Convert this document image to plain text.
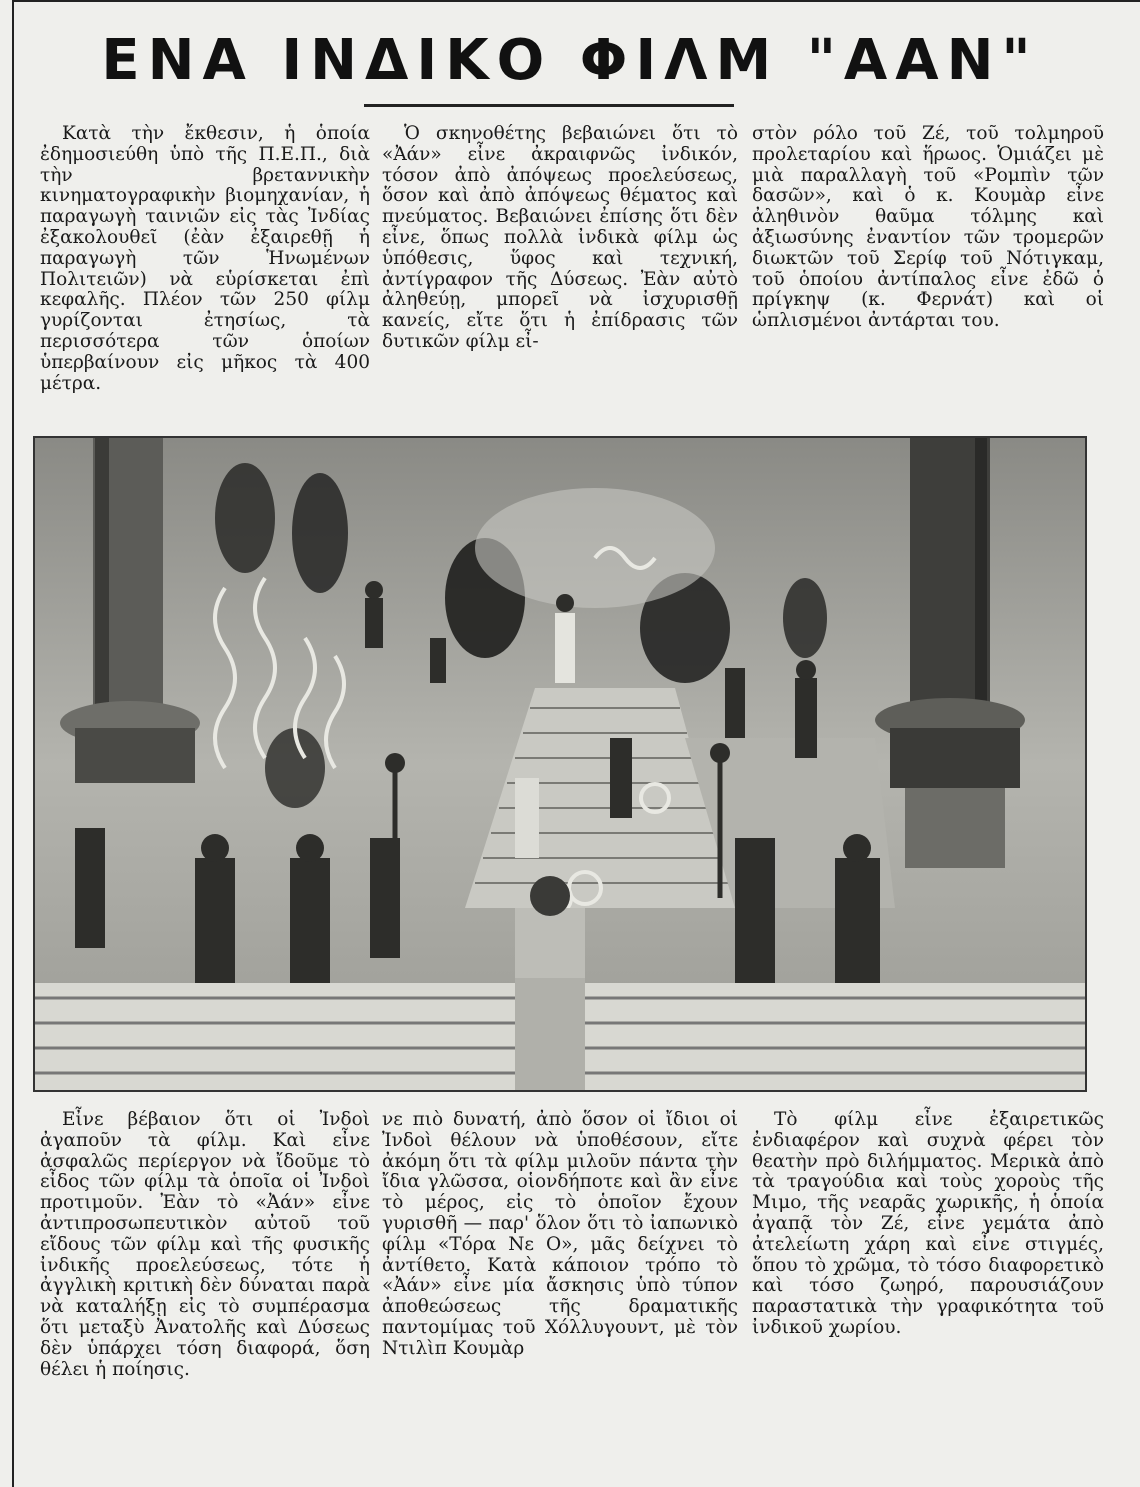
ΕΝΑ ΙΝΔΙΚΟ ΦΙΛΜ "ΑΑΝ"

Κατὰ τὴν ἔκθεσιν, ἡ ὁποία ἐδημοσιεύθη ὑπὸ τῆς Π.Ε.Π., διὰ τὴν βρεταννικὴν κινηματογραφικὴν βιομηχανίαν, ἡ παραγωγὴ ταινιῶν εἰς τὰς Ἰνδίας ἐξακολουθεῖ (ἐὰν ἐξαιρεθῇ ἡ παραγωγὴ τῶν Ἡνωμένων Πολιτειῶν) νὰ εὑρίσκεται ἐπὶ κεφαλῆς. Πλέον τῶν 250 φίλμ γυρίζονται ἐτησίως, τὰ περισσότερα τῶν ὁποίων ὑπερβαίνουν εἰς μῆκος τὰ 400 μέτρα.

Ὁ σκηνοθέτης βεβαιώνει ὅτι τὸ «Ἀάν» εἶνε ἀκραιφνῶς ἰνδικόν, τόσον ἀπὸ ἀπόψεως προελεύσεως, ὅσον καὶ ἀπὸ ἀπόψεως θέματος καὶ πνεύματος. Βεβαιώνει ἐπίσης ὅτι δὲν εἶνε, ὅπως πολλὰ ἰνδικὰ φίλμ ὡς ὑπόθεσις, ὕφος καὶ τεχνική, ἀντίγραφον τῆς Δύσεως. Ἐὰν αὐτὸ ἀληθεύῃ, μπορεῖ νὰ ἰσχυρισθῇ κανείς, εἴτε ὅτι ἡ ἐπίδρασις τῶν δυτικῶν φίλμ εἶ-

στὸν ρόλο τοῦ Ζέ, τοῦ τολμηροῦ προλεταρίου καὶ ἥρωος. Ὁμιάζει μὲ μιὰ παραλλαγὴ τοῦ «Ρομπὶν τῶν δασῶν», καὶ ὁ κ. Κουμὰρ εἶνε ἀληθινὸν θαῦμα τόλμης καὶ ἀξιωσύνης ἐναντίον τῶν τρομερῶν διωκτῶν τοῦ Σερίφ τοῦ Νότιγκαμ, τοῦ ὁποίου ἀντίπαλος εἶνε ἐδῶ ὁ πρίγκηψ (κ. Φερνάτ) καὶ οἱ ὡπλισμένοι ἀντάρται του.

Εἶνε βέβαιον ὅτι οἱ Ἰνδοὶ ἀγαποῦν τὰ φίλμ. Καὶ εἶνε ἀσφαλῶς περίεργον νὰ ἴδοῦμε τὸ εἶδος τῶν φίλμ τὰ ὁποῖα οἱ Ἰνδοὶ προτιμοῦν. Ἐὰν τὸ «Ἀάν» εἶνε ἀντιπροσωπευτικὸν αὐτοῦ τοῦ εἴδους τῶν φίλμ καὶ τῆς φυσικῆς ἰνδικῆς προελεύσεως, τότε ἡ ἀγγλικὴ κριτικὴ δὲν δύναται παρὰ νὰ καταλήξῃ εἰς τὸ συμπέρασμα ὅτι μεταξὺ Ἀνατολῆς καὶ Δύσεως δὲν ὑπάρχει τόση διαφορά, ὅση θέλει ἡ ποίησις.

νε πιὸ δυνατή, ἀπὸ ὅσον οἱ ἴδιοι οἱ Ἰνδοὶ θέλουν νὰ ὑποθέσουν, εἴτε ἀκόμη ὅτι τὰ φίλμ μιλοῦν πάντα τὴν ἴδια γλῶσσα, οἱονδήποτε καὶ ἂν εἶνε τὸ μέρος, εἰς τὸ ὁποῖον ἔχουν γυρισθῆ — παρ' ὅλον ὅτι τὸ ἰαπωνικὸ φίλμ «Τόρα Νε Ο», μᾶς δείχνει τὸ ἀντίθετο. Κατὰ κάποιον τρόπο τὸ «Ἀάν» εἶνε μία ἄσκησις ὑπὸ τύπον ἀποθεώσεως τῆς δραματικῆς παντομίμας τοῦ Χόλλυγουντ, μὲ τὸν Ντιλὶπ Κουμὰρ

Τὸ φίλμ εἶνε ἐξαιρετικῶς ἐνδιαφέρον καὶ συχνὰ φέρει τὸν θεατὴν πρὸ διλήμματος. Μερικὰ ἀπὸ τὰ τραγούδια καὶ τοὺς χοροὺς τῆς Μιμο, τῆς νεαρᾶς χωρικῆς, ἡ ὁποία ἀγαπᾷ τὸν Ζέ, εἶνε γεμάτα ἀπὸ ἀτελείωτη χάρη καὶ εἶνε στιγμές, ὅπου τὸ χρῶμα, τὸ τόσο διαφορετικὸ καὶ τόσο ζωηρό, παρουσιάζουν παραστατικὰ τὴν γραφικότητα τοῦ ἰνδικοῦ χωρίου.
